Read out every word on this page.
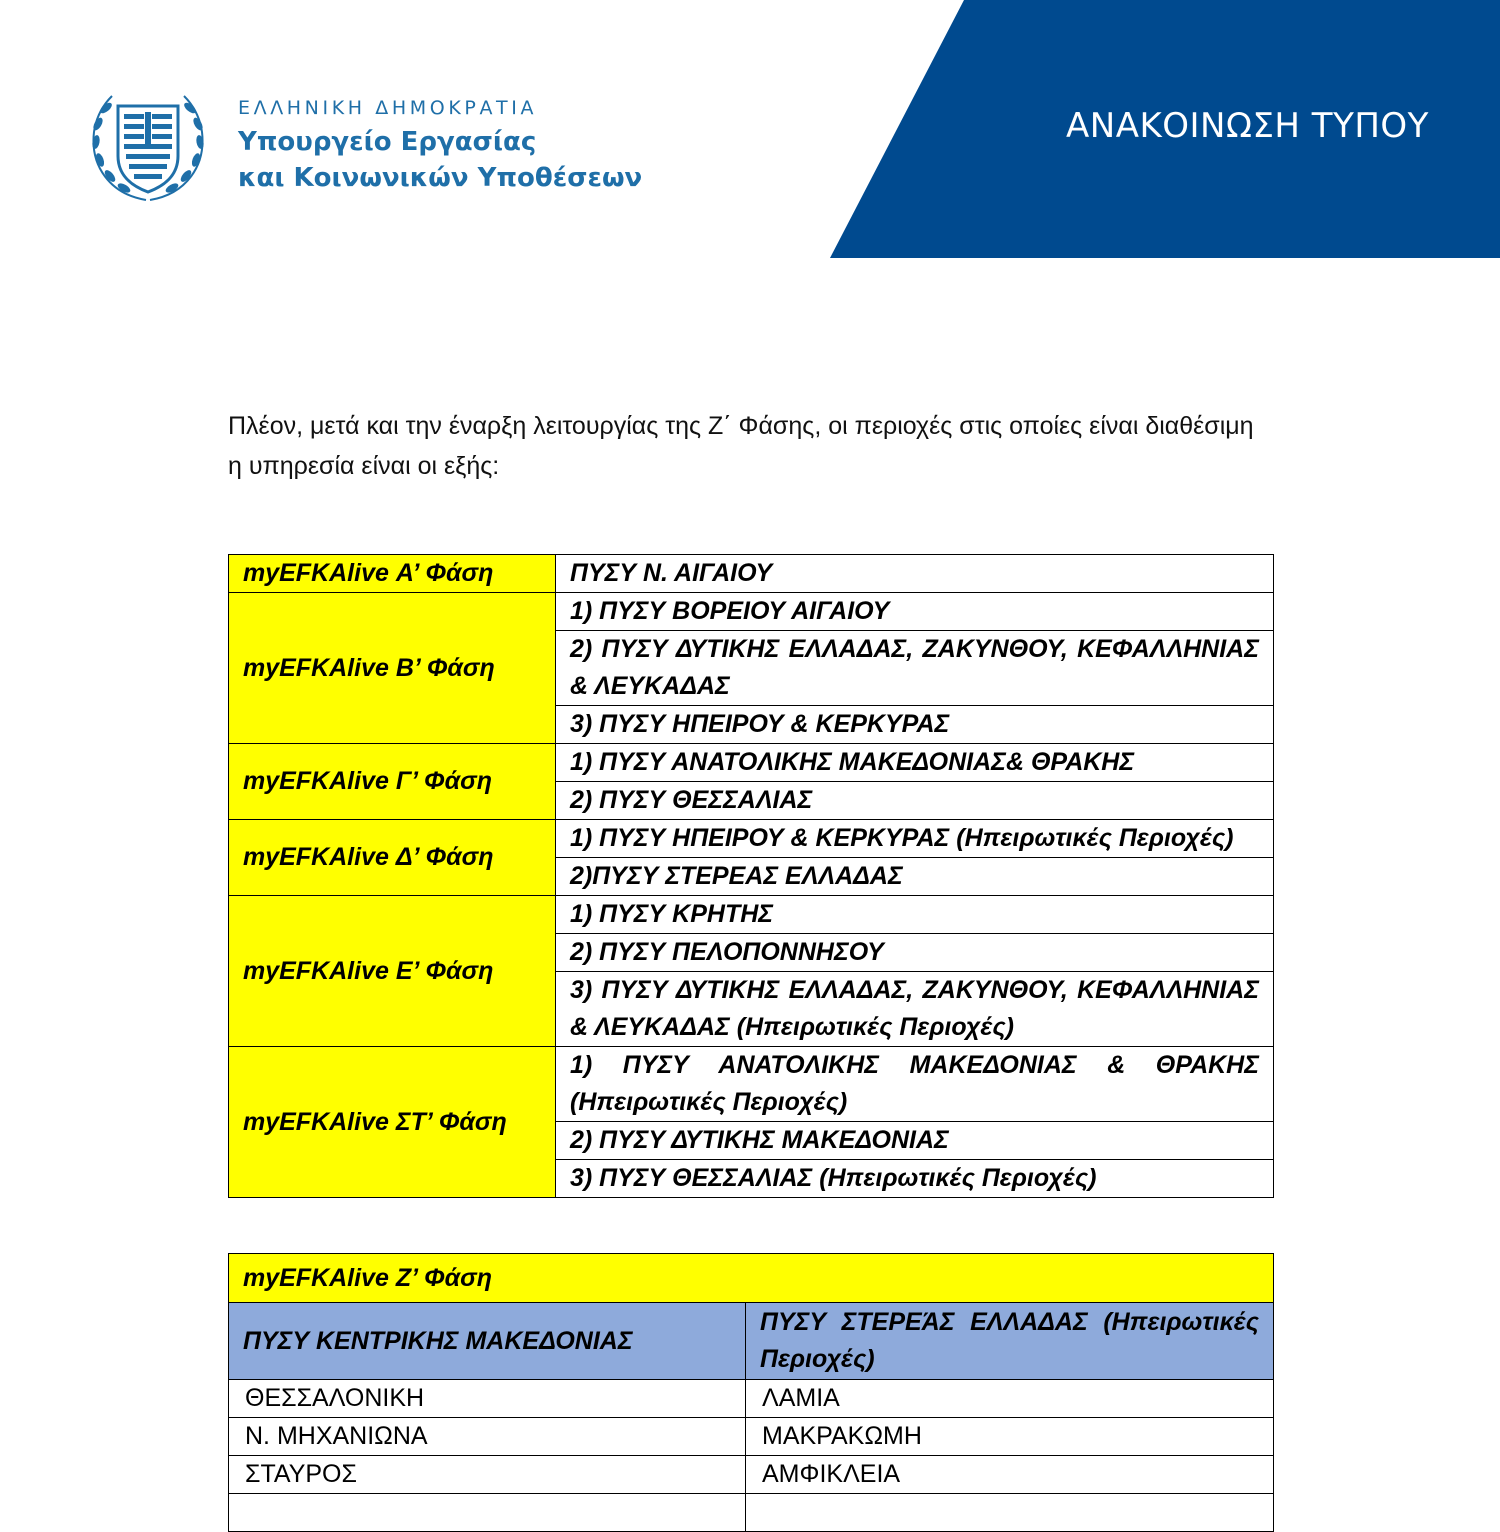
ΕΛΛΗΝΙΚΗ ΔΗΜΟΚΡΑΤΙΑ
Υπουργείο Εργασίας
και Κοινωνικών Υποθέσεων
ΑΝΑΚΟΙΝΩΣΗ ΤΥΠΟΥ

Πλέον, μετά και την έναρξη λειτουργίας της Ζ΄ Φάσης, οι περιοχές στις οποίες είναι διαθέσιμη η υπηρεσία είναι οι εξής:

myEFKAlive Α’ Φάση	ΠΥΣΥ Ν. ΑΙΓΑΙΟΥ
myEFKAlive Β’ Φάση	1) ΠΥΣΥ ΒΟΡΕΙΟΥ ΑΙΓΑΙΟΥ
	2) ΠΥΣΥ ΔΥΤΙΚΗΣ ΕΛΛΑΔΑΣ, ΖΑΚΥΝΘΟΥ, ΚΕΦΑΛΛΗΝΙΑΣ & ΛΕΥΚΑΔΑΣ
	3) ΠΥΣΥ ΗΠΕΙΡΟΥ & ΚΕΡΚΥΡΑΣ
myEFKAlive Γ’ Φάση	1) ΠΥΣΥ ΑΝΑΤΟΛΙΚΗΣ ΜΑΚΕΔΟΝΙΑΣ& ΘΡΑΚΗΣ
	2) ΠΥΣΥ ΘΕΣΣΑΛΙΑΣ
myEFKAlive Δ’ Φάση	1) ΠΥΣΥ ΗΠΕΙΡΟΥ & ΚΕΡΚΥΡΑΣ (Ηπειρωτικές Περιοχές)
	2)ΠΥΣΥ ΣΤΕΡΕΑΣ ΕΛΛΑΔΑΣ
myEFKAlive Ε’ Φάση	1) ΠΥΣΥ ΚΡΗΤΗΣ
	2) ΠΥΣΥ ΠΕΛΟΠΟΝΝΗΣΟΥ
	3) ΠΥΣΥ ΔΥΤΙΚΗΣ ΕΛΛΑΔΑΣ, ΖΑΚΥΝΘΟΥ, ΚΕΦΑΛΛΗΝΙΑΣ & ΛΕΥΚΑΔΑΣ (Ηπειρωτικές Περιοχές)
myEFKAlive ΣΤ’ Φάση	1) ΠΥΣΥ ΑΝΑΤΟΛΙΚΗΣ ΜΑΚΕΔΟΝΙΑΣ & ΘΡΑΚΗΣ (Ηπειρωτικές Περιοχές)
	2) ΠΥΣΥ ΔΥΤΙΚΗΣ ΜΑΚΕΔΟΝΙΑΣ
	3) ΠΥΣΥ ΘΕΣΣΑΛΙΑΣ (Ηπειρωτικές Περιοχές)
myEFKAlive Ζ’ Φάση	
ΠΥΣΥ ΚΕΝΤΡΙΚΗΣ ΜΑΚΕΔΟΝΙΑΣ	ΠΥΣΥ ΣΤΕΡΕΆΣ ΕΛΛΑΔΑΣ (Ηπειρωτικές Περιοχές)
ΘΕΣΣΑΛΟΝΙΚΗ	ΛΑΜΙΑ
Ν. ΜΗΧΑΝΙΩΝΑ	ΜΑΚΡΑΚΩΜΗ
ΣΤΑΥΡΟΣ	ΑΜΦΙΚΛΕΙΑ
